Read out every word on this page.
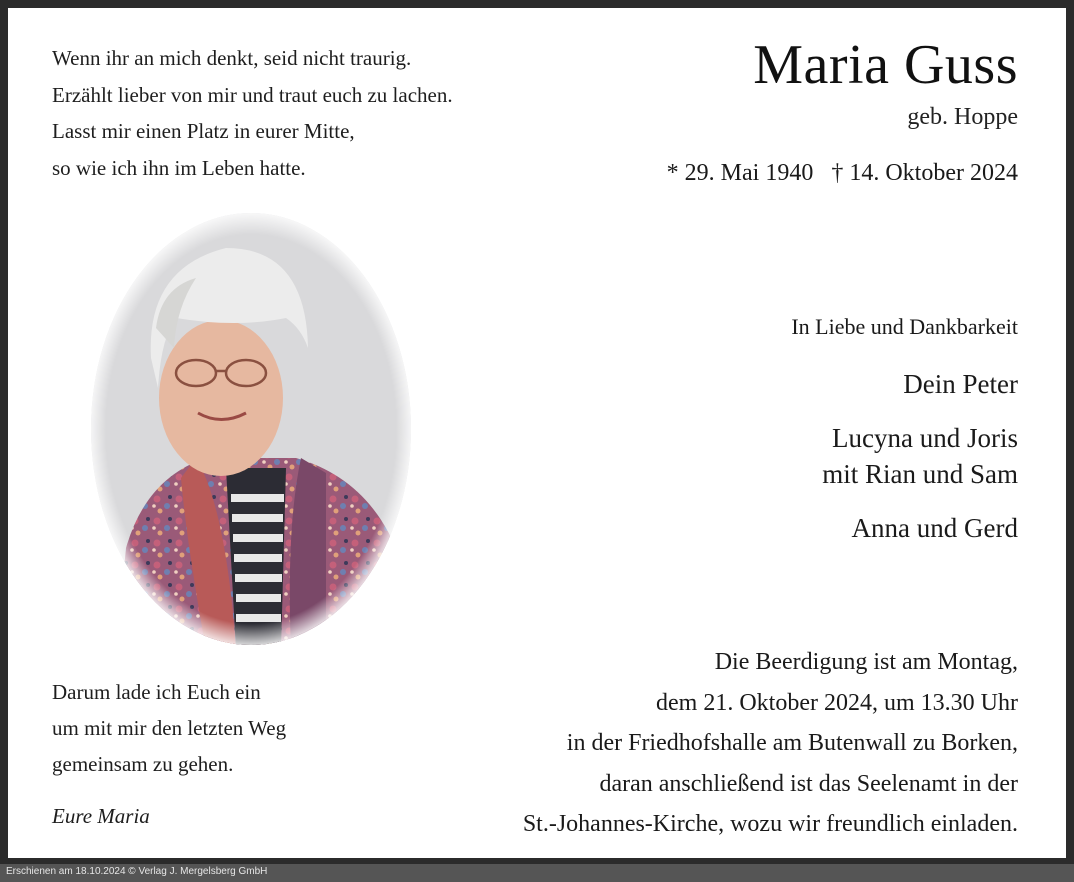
Wenn ihr an mich denkt, seid nicht traurig.
Erzählt lieber von mir und traut euch zu lachen.
Lasst mir einen Platz in eurer Mitte,
so wie ich ihn im Leben hatte.
Maria Guss
geb. Hoppe
* 29. Mai 1940 † 14. Oktober 2024
In Liebe und Dankbarkeit
Dein Peter
Lucyna und Joris
mit Rian und Sam
Anna und Gerd
Darum lade ich Euch ein
um mit mir den letzten Weg
gemeinsam zu gehen.
Eure Maria
Die Beerdigung ist am Montag,
dem 21. Oktober 2024, um 13.30 Uhr
in der Friedhofshalle am Butenwall zu Borken,
daran anschließend ist das Seelenamt in der
St.-Johannes-Kirche, wozu wir freundlich einladen.
Erschienen am 18.10.2024 © Verlag J. Mergelsberg GmbH
